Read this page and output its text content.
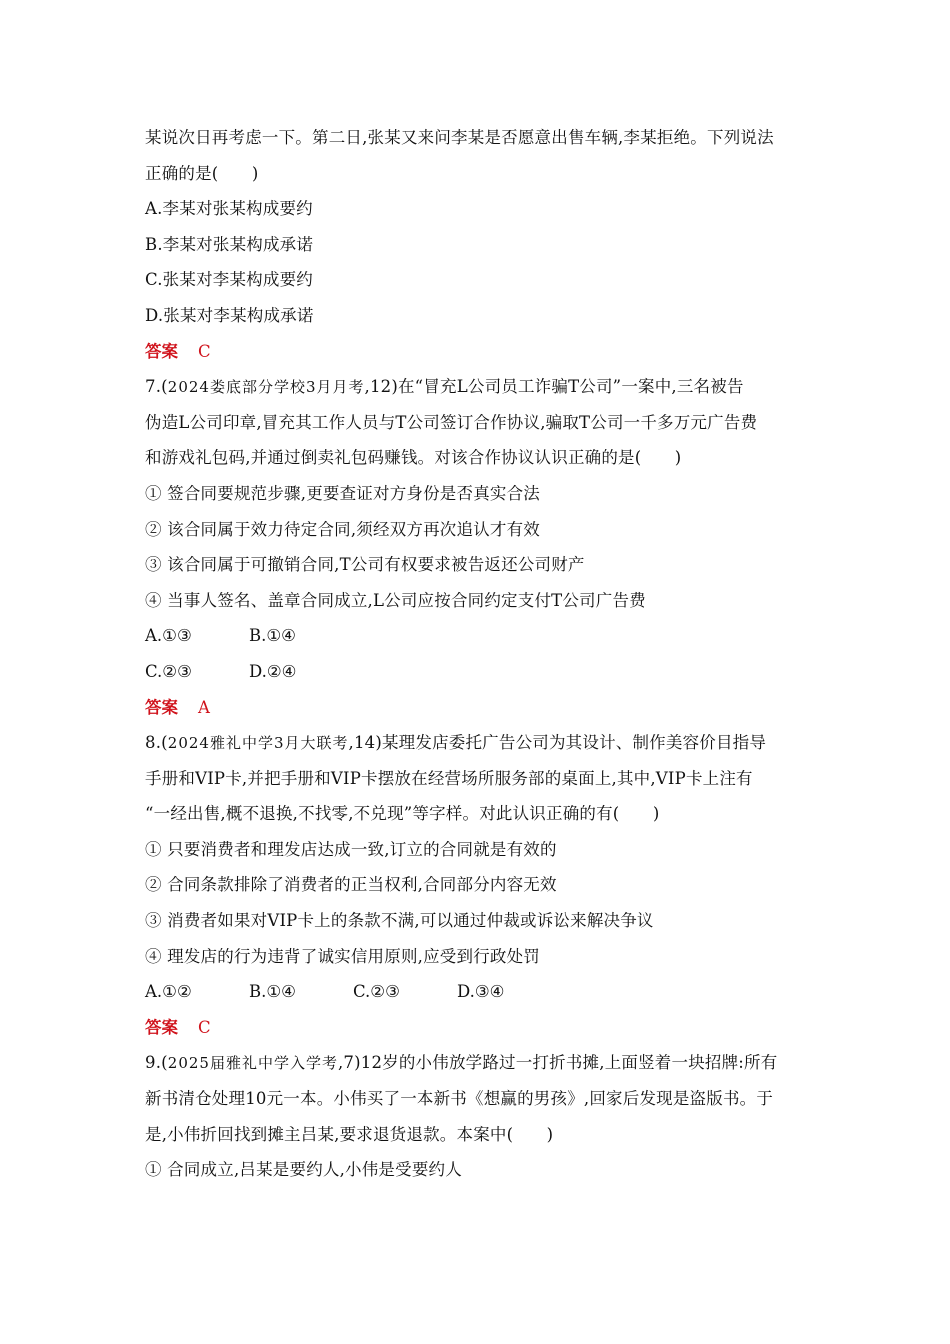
某说次日再考虑一下。第二日,张某又来问李某是否愿意出售车辆,李某拒绝。下列说法
正确的是(　　)
A.李某对张某构成要约
B.李某对张某构成承诺
C.张某对李某构成要约
D.张某对李某构成承诺
答案 C
7.(2024娄底部分学校3月月考,12)在“冒充L公司员工诈骗T公司”一案中,三名被告
伪造L公司印章,冒充其工作人员与T公司签订合作协议,骗取T公司一千多万元广告费
和游戏礼包码,并通过倒卖礼包码赚钱。对该合作协议认识正确的是(　　)
① 签合同要规范步骤,更要查证对方身份是否真实合法
② 该合同属于效力待定合同,须经双方再次追认才有效
③ 该合同属于可撤销合同,T公司有权要求被告返还公司财产
④ 当事人签名、盖章合同成立,L公司应按合同约定支付T公司广告费
A.①③	B.①④
C.②③	D.②④
答案 A
8.(2024雅礼中学3月大联考,14)某理发店委托广告公司为其设计、制作美容价目指导
手册和VIP卡,并把手册和VIP卡摆放在经营场所服务部的桌面上,其中,VIP卡上注有
“一经出售,概不退换,不找零,不兑现”等字样。对此认识正确的有(　　)
① 只要消费者和理发店达成一致,订立的合同就是有效的
② 合同条款排除了消费者的正当权利,合同部分内容无效
③ 消费者如果对VIP卡上的条款不满,可以通过仲裁或诉讼来解决争议
④ 理发店的行为违背了诚实信用原则,应受到行政处罚
A.①②	B.①④	C.②③	D.③④
答案 C
9.(2025届雅礼中学入学考,7)12岁的小伟放学路过一打折书摊,上面竖着一块招牌:所有
新书清仓处理10元一本。小伟买了一本新书《想赢的男孩》,回家后发现是盗版书。于
是,小伟折回找到摊主吕某,要求退货退款。本案中(　　)
① 合同成立,吕某是要约人,小伟是受要约人
